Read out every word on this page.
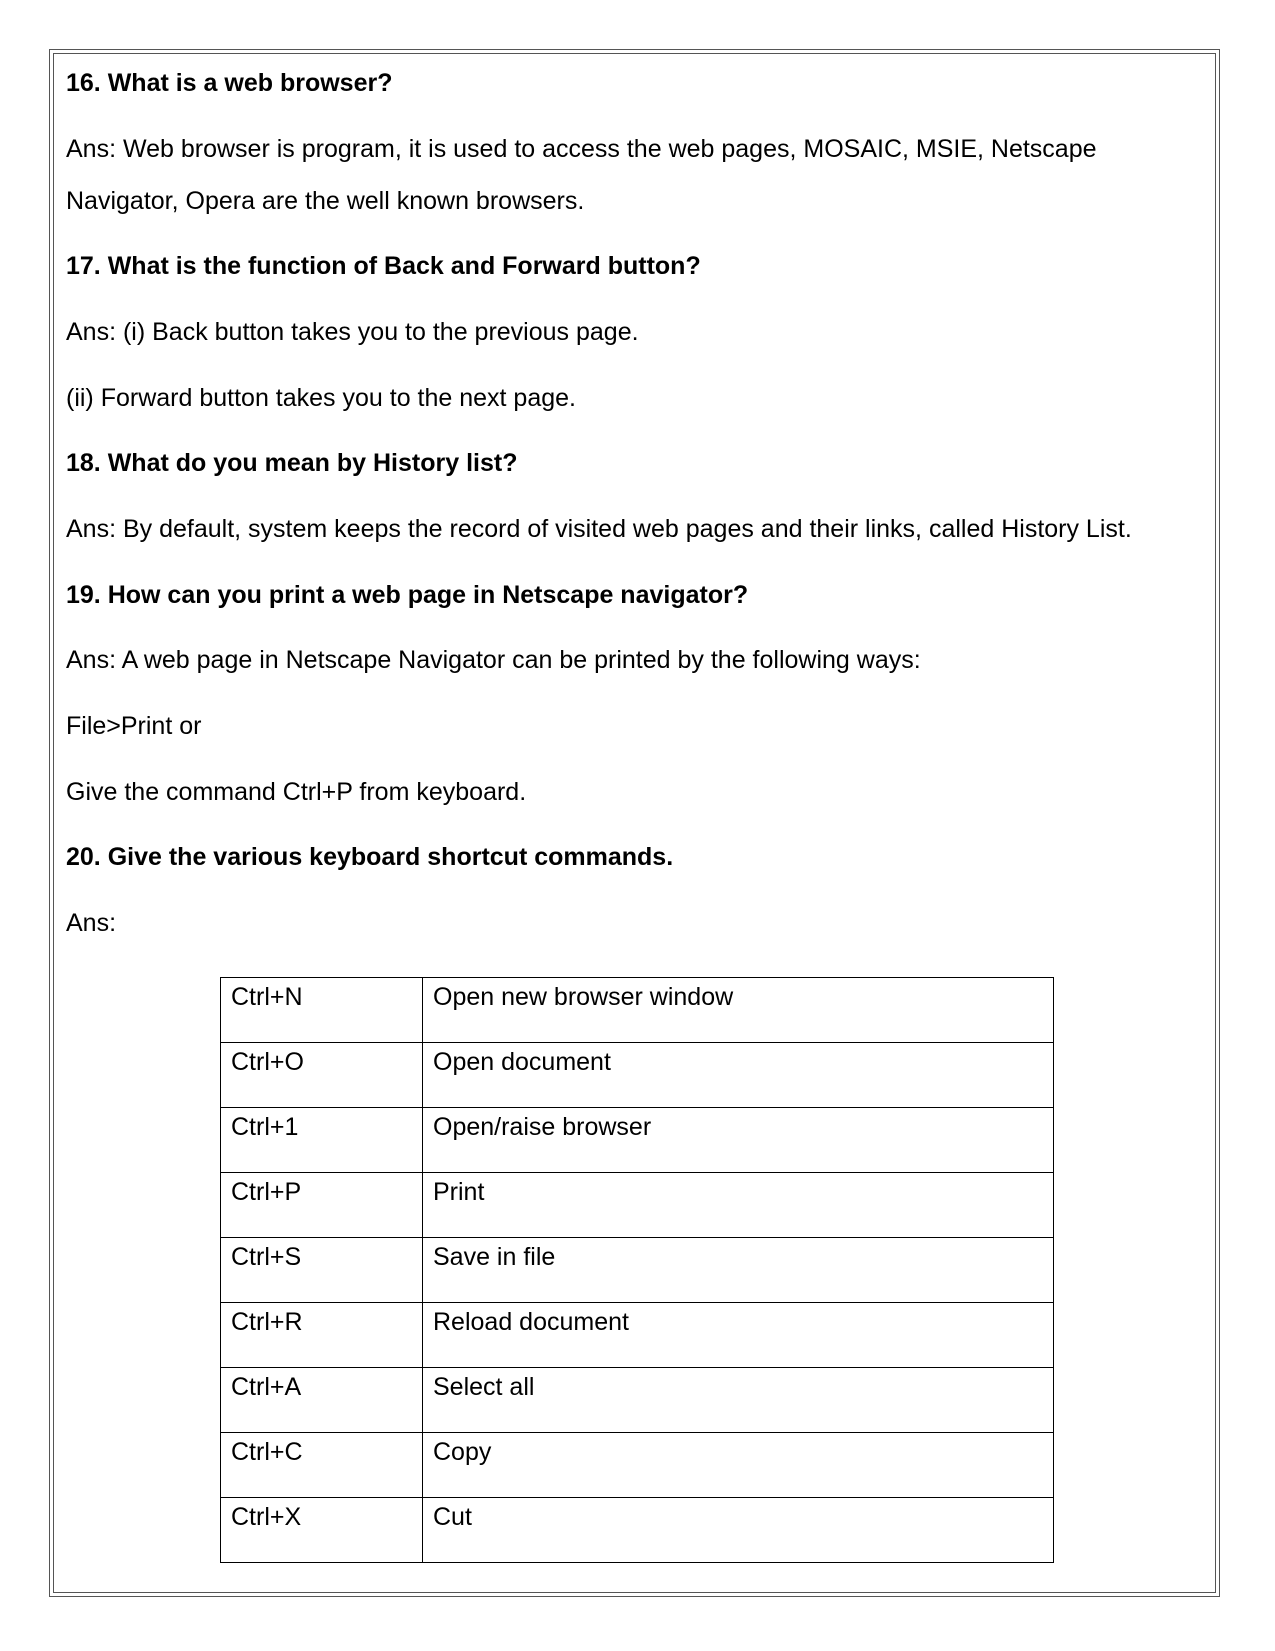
16. What is a web browser?
Ans: Web browser is program, it is used to access the web pages, MOSAIC, MSIE, Netscape
Navigator, Opera are the well known browsers.
17. What is the function of Back and Forward button?
Ans: (i) Back button takes you to the previous page.
(ii) Forward button takes you to the next page.
18. What do you mean by History list?
Ans: By default, system keeps the record of visited web pages and their links, called History List.
19. How can you print a web page in Netscape navigator?
Ans: A web page in Netscape Navigator can be printed by the following ways:
File>Print or
Give the command Ctrl+P from keyboard.
20. Give the various keyboard shortcut commands.
Ans:
Ctrl+N	Open new browser window
Ctrl+O	Open document
Ctrl+1	Open/raise browser
Ctrl+P	Print
Ctrl+S	Save in file
Ctrl+R	Reload document
Ctrl+A	Select all
Ctrl+C	Copy
Ctrl+X	Cut
